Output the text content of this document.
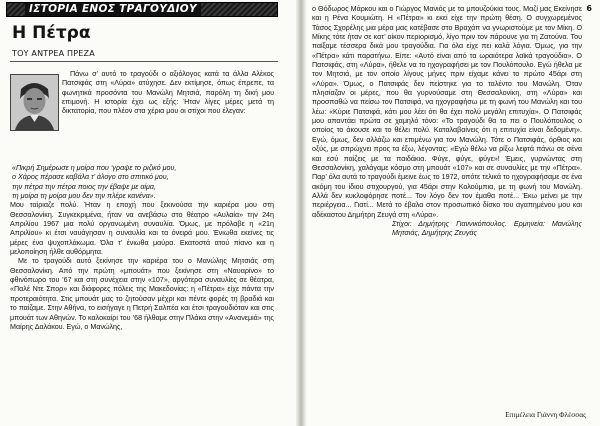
ΙΣΤΟΡΙΑ ΕΝΟΣ ΤΡΑΓΟΥΔΙΟΥ
Η Πέτρα
ΤΟΥ ΑΝΤΡΕΑ ΠΡΕΖΑ

Πάνω σ’ αυτό το τραγούδι ο αξιόλογος κατά τα άλλα Αλέκος Πατσιφάς στη «Λύρα» ατύχησε. Δεν εκτίμησε, όπως έπρεπε, τα φωνητικά προσόντα του Μανώλη Μητσιά, παρόλη τη δική μου επιμονή. Η ιστορία έχει ως εξής: Ήταν λίγες μέρες μετά τη δικτατορία, που πλέον στα χέρια μου οι στίχοι που έλεγαν:

«Πικρή Σημέρωσε η μοίρα που ‘γραψε το ριζικό μου,

ο Χάρος πέρασε καβάλα τ’ άλογο στο σπιτικό μου,

την πέτρα την πέτρα ποιος την έβαψε με αίμα,

τη μοίρα τη μοίρα μου δεν την πλέρε κανένα».

Μου ταίριαζε πολύ. Ήταν η εποχή που ξεκινούσα την καριέρα μου στη Θεσσαλονίκη. Συγκεκριμένα, ήταν να ανεβάσω στο θέατρο «Αυλαία» την 24η Απριλίου 1967 μια πολύ οργανωμένη συναυλία. Όμως, με πρόλαβε η «21η Απριλίου» κι έτσι ναυάγησαν η συναυλία και τα όνειρά μου. Ένιωθα εκείνες τις μέρες ένα ψυχοπλάκωμα. Όλα τ’ ένιωθα μαύρα. Εκατοστά ατού πίανο και η μελοποίηση ήλθε αυθόρμητα.

Με το τραγούδι αυτό ξεκίνησε την καριέρα του ο Μανώλης Μητσιάς στη Θεσσαλονίκη. Από την πρώτη «μπουάτ» που ξεκίνησε στη «Ναυαρίνο» το φθινόπωρο του ’67 και στη συνέχεια στην «107», αργότερα συναυλίες σε θέατρα, «Παλέ Ντε Σπορ» και διάφορες πόλεις της Μακεδονίας: η «Πέτρα» είχε πάντα την προτεραιότητα. Στις μπουάτ μας το ζητούσαν μέχρι και πέντε φορές τη βραδιά και το παίζαμε. Στην Αθήνα, το εισήγαγε η Πετρή Σαλπέα και έτσι τραγουδιόταν και στις μπουάτ των Αθηνών. Το καλοκαίρι του ’68 ήλθαμε στην Πλάκα στην «Ανανεμιά» της Μαίρης Δαλάκου. Εγώ, ο Μανώλης,

6

ο Θόδωρος Μάρκου και ο Γιώργος Μανιός με τα μπουζούκια τους. Μαζί μας Εκείνησε και η Ρένα Κουμιώτη. Η «Πέτρα» κι εκεί είχε την πρώτη θέση. Ο συγχωρεμένος Τάσος Σχορέλης μια μέρα μας κατέβασε στο Βραχάπ να γνωριστούμε με τον Μίκη. Ο Μίκης τότε ήταν σε κατ’ οίκον περιορισμό, λίγο πριν τον πάρουνε για τη Ζατούνα. Του παίξαμε τέσσερα δικά μου τραγούδια. Για όλα είχε πει καλά λόγια. Όμως, για την «Πέτρα» κάτι παρατήνω. Είπε: «Αυτό είναι από τα ωραιότερα λαϊκά τραγούδια». Ο Πατσιφάς, στη «Λύρα», ήθελε να το ηχογραφήσει με τον Πουλόπουλο. Εγώ ήθελα με τον Μητσιά, με τον οποίο λίγους μήνες πριν είχαμε κάνει το πρώτο 45άρι στη «Λύρα». Όμως, ο Πατσιφάς δεν πείστηκε για το ταλέντο του Μανώλη. Όταν πλησίαζαν οι μέρες, που θα γυρνούσαμε στη Θεσσαλονίκη, στη «Λύρα» και προσπαθώ να πείσω τον Πατσιφά, να ηχογραφήσω με τη φωνή του Μανώλη και του λέω: «Κύριε Πατσιφά, κάτι μου λέει ότι θα έχει πολύ μεγάλη επιτυχία». Ο Πατσιφάς μου απαντάει πρώτα σε χαμηλό τόνο: «Το τραγούδι θα το πει ο Πουλόπουλος ο οποίος το άκουσε και το θέλει πολύ. Καταλαβαίνεις ότι η επιτυχία είναι δεδομένη». Εγώ, όμως, δεν αλλάζω και επιμένω για τον Μανώλη. Τότε ο Πατσιφάς, όρθιος και οξύς, με σπρώχνει προς τα έξω, λέγοντας: «Εγώ θέλω να ρίξω λεφτά πάνω σε σένα και εσύ παίζεις με τα παιδάκια. Φύγε, φύγε, φύγε»! Έμεις, γυρνώντας στη Θεσσαλονίκη, χαλάγαμε κόσμο στη μπουάτ «107» και σε συναυλίες με την «Πέτρα». Παρ’ όλα αυτά το τραγούδι έμεινε έως το 1972, οπότε τελικά το ηχογραφήσαμε σε ένα ακόμη του ίδιου στιχουργού, για 45άρι στην Κολούμπια, με τη φωνή του Μανώλη. Αλλά δεν κυκλοφόρησε ποτέ... Τον λόγο δεν τον έμαθα ποτέ... Έκω μείνει με την περιέργεια... Γιατί... Μετά το έβαλα στον προσωπικό δίσκο του αγαπημένου μου και αδέκαστου Δημήτρη Ζευγά στη «Λύρα».

Στίχοι: Δημήτρης Γιαννικόπουλος. Ερμηνεία: Μανώλης Μητσιάς, Δημήτρης Ζευγάς

Επιμέλεια Γιάννη Φλέσσας
